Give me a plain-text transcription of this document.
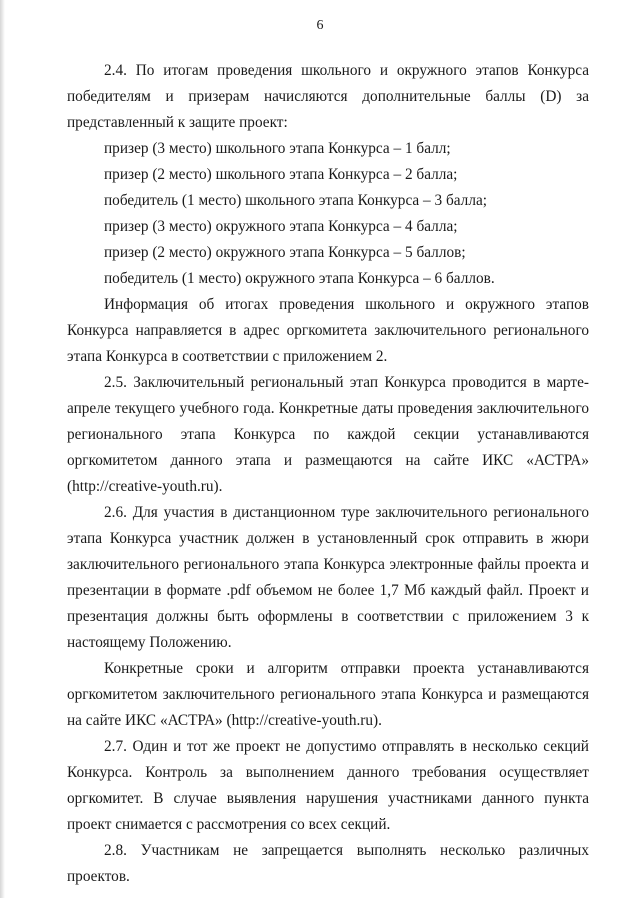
6

2.4. По итогам проведения школьного и окружного этапов Конкурса победителям и призерам начисляются дополнительные баллы (D) за представленный к защите проект:

призер (3 место) школьного этапа Конкурса – 1 балл;

призер (2 место) школьного этапа Конкурса – 2 балла;

победитель (1 место) школьного этапа Конкурса – 3 балла;

призер (3 место) окружного этапа Конкурса – 4 балла;

призер (2 место) окружного этапа Конкурса – 5 баллов;

победитель (1 место) окружного этапа Конкурса – 6 баллов.

Информация об итогах проведения школьного и окружного этапов Конкурса направляется в адрес оргкомитета заключительного регионального этапа Конкурса в соответствии с приложением 2.

2.5. Заключительный региональный этап Конкурса проводится в марте-апреле текущего учебного года. Конкретные даты проведения заключительного регионального этапа Конкурса по каждой секции устанавливаются оргкомитетом данного этапа и размещаются на сайте ИКС «АСТРА» (http://creative-youth.ru).

2.6. Для участия в дистанционном туре заключительного регионального этапа Конкурса участник должен в установленный срок отправить в жюри заключительного регионального этапа Конкурса электронные файлы проекта и презентации в формате .pdf объемом не более 1,7 Мб каждый файл. Проект и презентация должны быть оформлены в соответствии с приложением 3 к настоящему Положению.

Конкретные сроки и алгоритм отправки проекта устанавливаются оргкомитетом заключительного регионального этапа Конкурса и размещаются на сайте ИКС «АСТРА» (http://creative-youth.ru).

2.7. Один и тот же проект не допустимо отправлять в несколько секций Конкурса. Контроль за выполнением данного требования осуществляет оргкомитет. В случае выявления нарушения участниками данного пункта проект снимается с рассмотрения со всех секций.

2.8. Участникам не запрещается выполнять несколько различных проектов.
